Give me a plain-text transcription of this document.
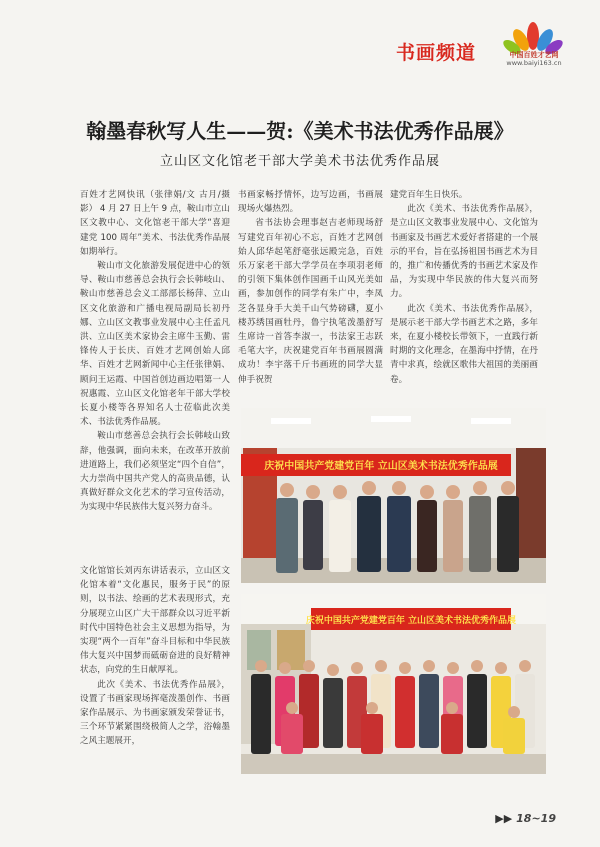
书画频道	中国百姓才艺网
www.baiyi163.cn
翰墨春秋写人生——贺:《美术书法优秀作品展》
立山区文化馆老干部大学美术书法优秀作品展

百姓才艺网快讯（张律娟/文 古月/摄影） 4 月 27 日上午 9 点，鞍山市立山区文教中心、文化馆老干部大学“喜迎建党 100 周年”美术、书法优秀作品展 如期举行。

鞍山市文化旅游发展促进中心的领导、鞍山市慈善总会执行会长韩岐山、鞍山市慈善总会义工部部长杨萍、立山区文化旅游和广播电视局副局长初丹娜、立山区文教事业发展中心主任孟凡洪、立山区美术家协会主席牛玉勤、雷锋传人于长庆、百姓才艺网创始人邱华、百姓才艺网新闻中心主任张律娟、顾问王运霞、中国首创边画边唱第一人祝惠霞、立山区文化馆老年干部大学校长夏小楼等各界知名人士莅临此次美术、书法优秀作品展。

鞍山市慈善总会执行会长韩岐山致辞，他强调，面向未来，在改革开放前进道路上，我们必须坚定“四个自信”，大力崇尚中国共产党人的高贵品德，认真做好群众文化艺术的学习宣传活动，为实现中华民族伟大复兴努力奋斗。

文化馆馆长刘丙东讲话表示，立山区文化馆本着“文化惠民，服务于民”的原则，以书法、绘画的艺术表现形式，充分展现立山区广大干部群众以习近平新时代中国特色社会主义思想为指导，为实现“两个一百年”奋斗目标和中华民族伟大复兴中国梦而砥砺奋进的良好精神状态，向党的生日献厚礼。

此次《美术、书法优秀作品展》，设置了书画家现场挥毫泼墨创作、书画家作品展示、为书画家颁发荣誉证书，三个环节紧紧围绕极简人之学，浴翰墨之风主题展开，

书画家畅抒情怀，边写边画，书画展现场火爆热烈。

省书法协会理事赵吉老师现场舒写建党百年初心不忘，百姓才艺网创始人邱华起笔舒毫张远殿完急，百姓乐万家老干部大学学员在李项羽老师的引领下集体创作国画千山风光美如画，参加创作的同学有朱广中，李凤芝各显身手大美千山气势磅礴，夏小楼苏绣国画牡丹，鲁宁执笔泼墨舒写生席诗一首答李淑一，书法家王志跃毛笔大字，庆祝建党百年书画展圆满成功！李宇落千斤书画班的同学大显伸手祝贺

建党百年生日快乐。

此次《美术、书法优秀作品展》，是立山区文教事业发展中心、文化馆为书画家及书画艺术爱好者搭建的一个展示的平台，旨在弘扬祖国书画艺术为目的，推广和传播优秀的书画艺术家及作品，为实现中华民族的伟大复兴而努力。

此次《美术、书法优秀作品展》，是展示老干部大学书画艺术之路，多年来，在夏小楼校长带领下，一直践行新时期的文化理念，在墨海中抒情，在丹青中求真，绘就区歌伟大祖国的美丽画卷。

庆祝中国共产党建党百年 立山区美术书法优秀作品展
庆祝中国共产党建党百年 立山区美术书法优秀作品展
▶▶ 18~19
